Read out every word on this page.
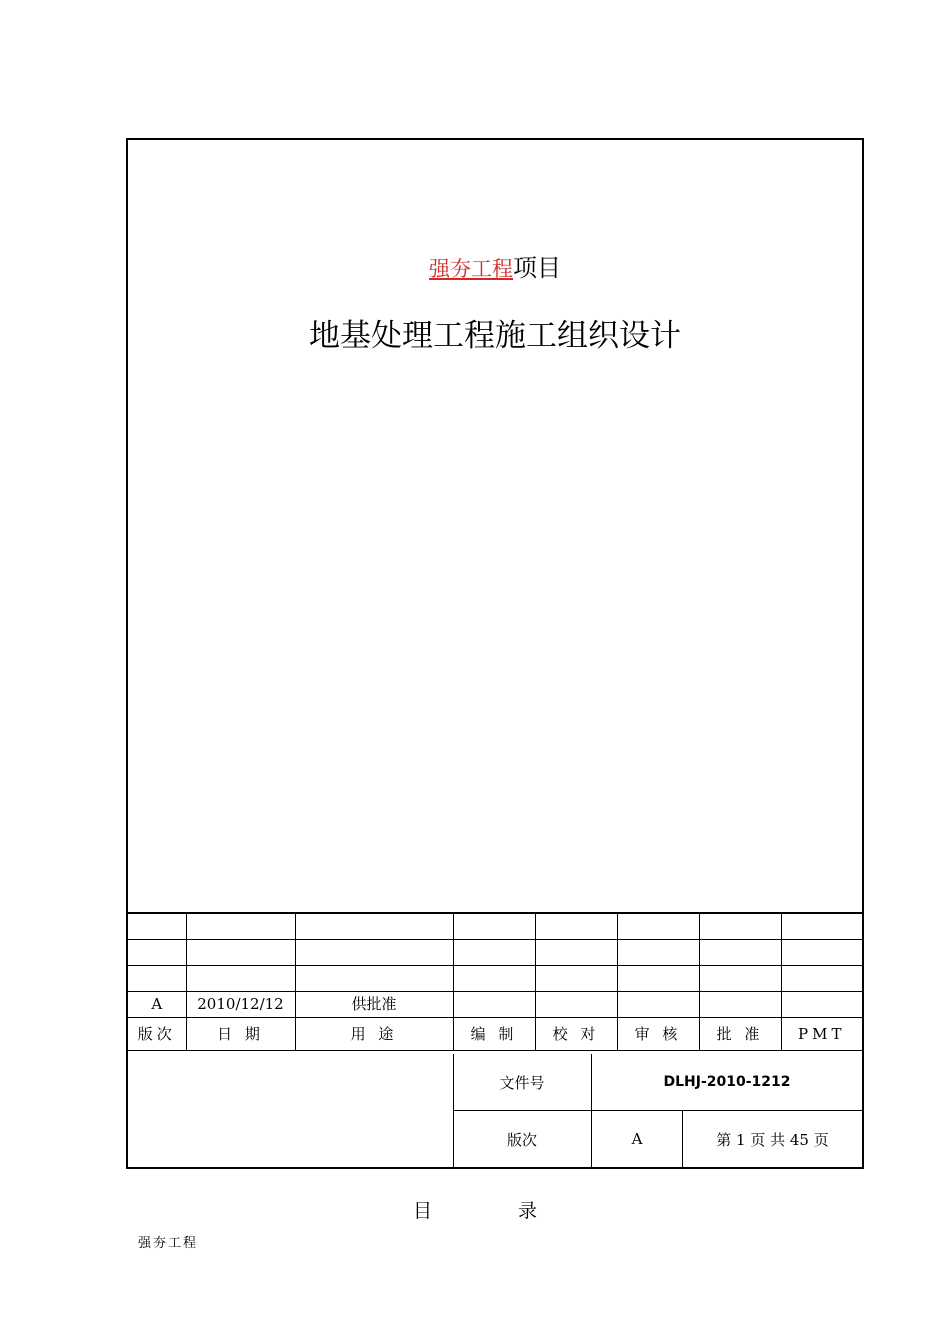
强夯工程项目
地基处理工程施工组织设计

A	2010/12/12	供批准					
版次	日 期	用 途	编 制	校 对	审 核	批 准	PMT
文件号	DLHJ-2010-1212
版次	A	第 1 页 共 45 页
目 录
强夯工程
